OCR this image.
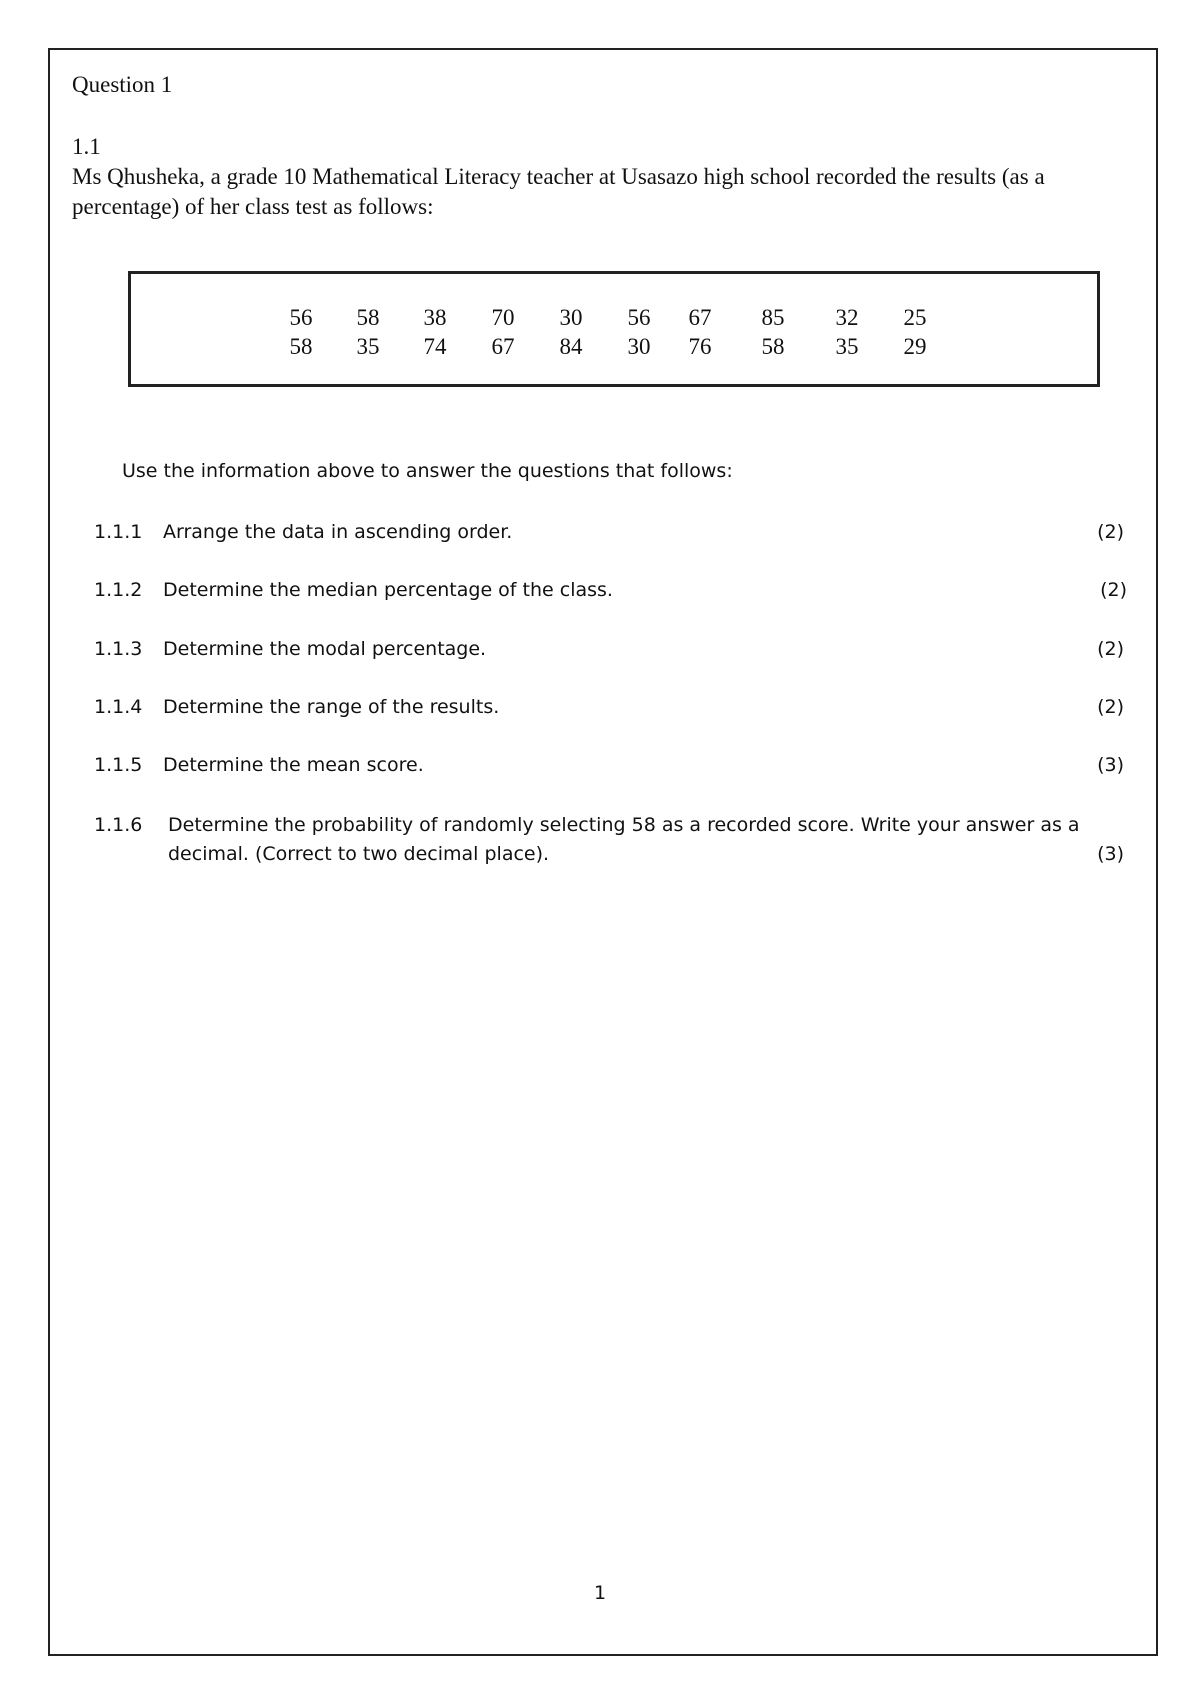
Question 1
1.1
Ms Qhusheka, a grade 10 Mathematical Literacy teacher at Usasazo high school recorded the results (as a percentage) of her class test as follows:
56	58	38	70	30	56	67	85	32	25
58	35	74	67	84	30	76	58	35	29
Use the information above to answer the questions that follows:
1.1.1 Arrange the data in ascending order.	(2)
1.1.2 Determine the median percentage of the class.	(2)
1.1.3 Determine the modal percentage.	(2)
1.1.4 Determine the range of the results.	(2)
1.1.5 Determine the mean score.	(3)
1.1.6 Determine the probability of randomly selecting 58 as a recorded score. Write your answer as a decimal. (Correct to two decimal place).	(3)
1
